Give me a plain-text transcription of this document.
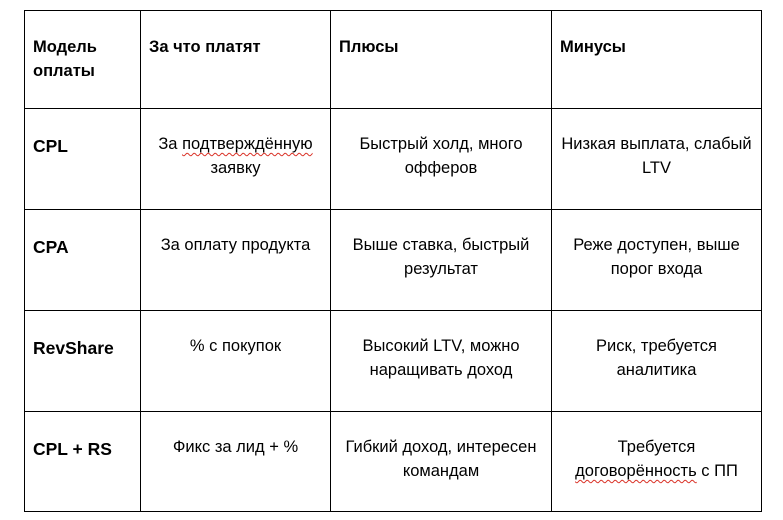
Модель оплаты	За что платят	Плюсы	Минусы
CPL	За подтверждённую заявку	Быстрый холд, много офферов	Низкая выплата, слабый LTV
CPA	За оплату продукта	Выше ставка, быстрый результат	Реже доступен, выше порог входа
RevShare	% с покупок	Высокий LTV, можно наращивать доход	Риск, требуется аналитика
CPL + RS	Фикс за лид + %	Гибкий доход, интересен командам	Требуется договорённость с ПП
